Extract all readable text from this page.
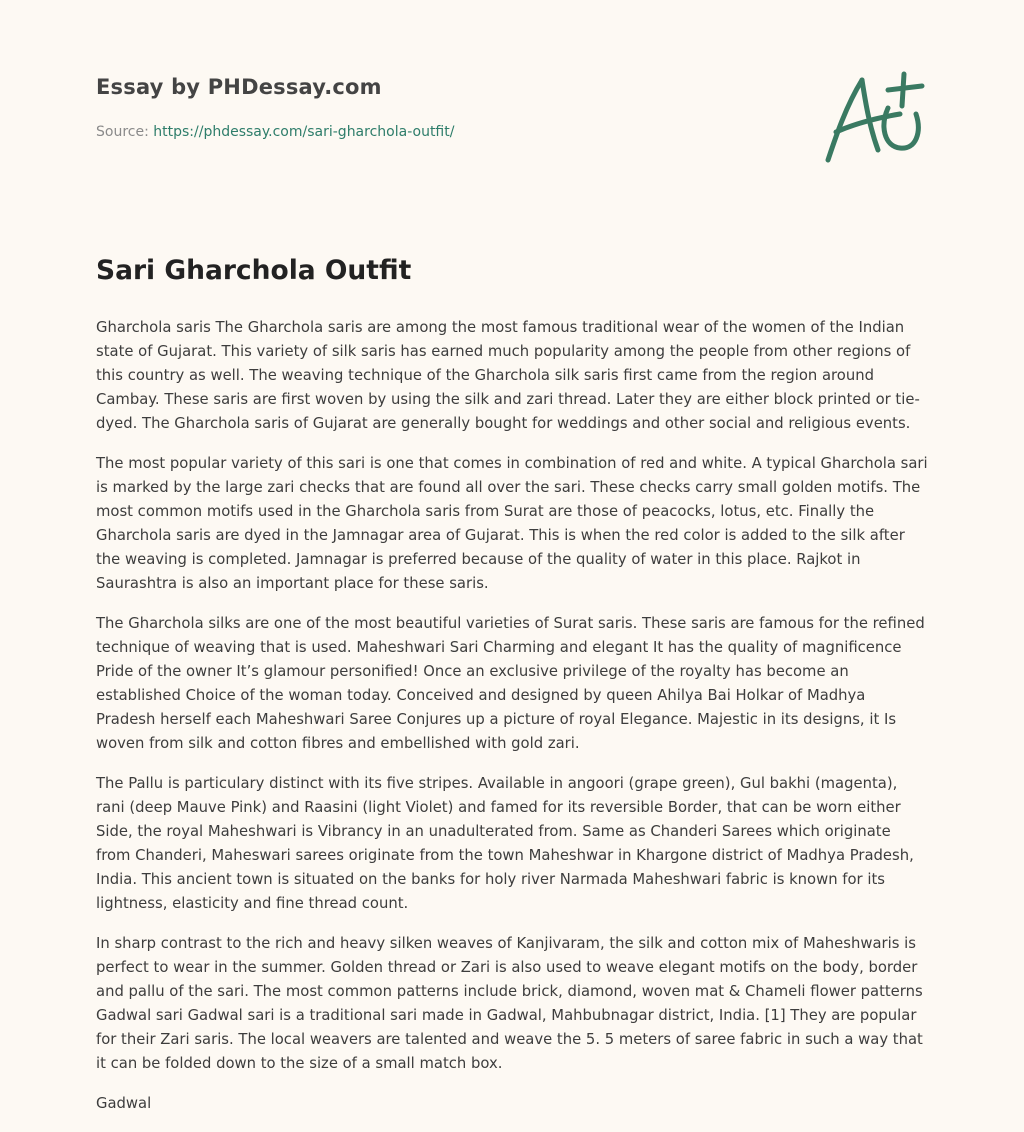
Essay by PHDessay.com
Source: https://phdessay.com/sari-gharchola-outfit/
Sari Gharchola Outfit

Gharchola saris The Gharchola saris are among the most famous traditional wear of the women of the Indian state of Gujarat. This variety of silk saris has earned much popularity among the people from other regions of this country as well. The weaving technique of the Gharchola silk saris first came from the region around Cambay. These saris are first woven by using the silk and zari thread. Later they are either block printed or tie-dyed. The Gharchola saris of Gujarat are generally bought for weddings and other social and religious events.

The most popular variety of this sari is one that comes in combination of red and white. A typical Gharchola sari is marked by the large zari checks that are found all over the sari. These checks carry small golden motifs. The most common motifs used in the Gharchola saris from Surat are those of peacocks, lotus, etc. Finally the Gharchola saris are dyed in the Jamnagar area of Gujarat. This is when the red color is added to the silk after the weaving is completed. Jamnagar is preferred because of the quality of water in this place. Rajkot in Saurashtra is also an important place for these saris.

The Gharchola silks are one of the most beautiful varieties of Surat saris. These saris are famous for the refined technique of weaving that is used. Maheshwari Sari Charming and elegant It has the quality of magnificence Pride of the owner It’s glamour personified! Once an exclusive privilege of the royalty has become an established Choice of the woman today. Conceived and designed by queen Ahilya Bai Holkar of Madhya Pradesh herself each Maheshwari Saree Conjures up a picture of royal Elegance. Majestic in its designs, it Is woven from silk and cotton fibres and embellished with gold zari.

The Pallu is particulary distinct with its five stripes. Available in angoori (grape green), Gul bakhi (magenta), rani (deep Mauve Pink) and Raasini (light Violet) and famed for its reversible Border, that can be worn either Side, the royal Maheshwari is Vibrancy in an unadulterated from. Same as Chanderi Sarees which originate from Chanderi, Maheswari sarees originate from the town Maheshwar in Khargone district of Madhya Pradesh, India. This ancient town is situated on the banks for holy river Narmada Maheshwari fabric is known for its lightness, elasticity and fine thread count.

In sharp contrast to the rich and heavy silken weaves of Kanjivaram, the silk and cotton mix of Maheshwaris is perfect to wear in the summer. Golden thread or Zari is also used to weave elegant motifs on the body, border and pallu of the sari. The most common patterns include brick, diamond, woven mat & Chameli flower patterns Gadwal sari Gadwal sari is a traditional sari made in Gadwal, Mahbubnagar district, India. [1] They are popular for their Zari saris. The local weavers are talented and weave the 5. 5 meters of saree fabric in such a way that it can be folded down to the size of a small match box.

Gadwal
